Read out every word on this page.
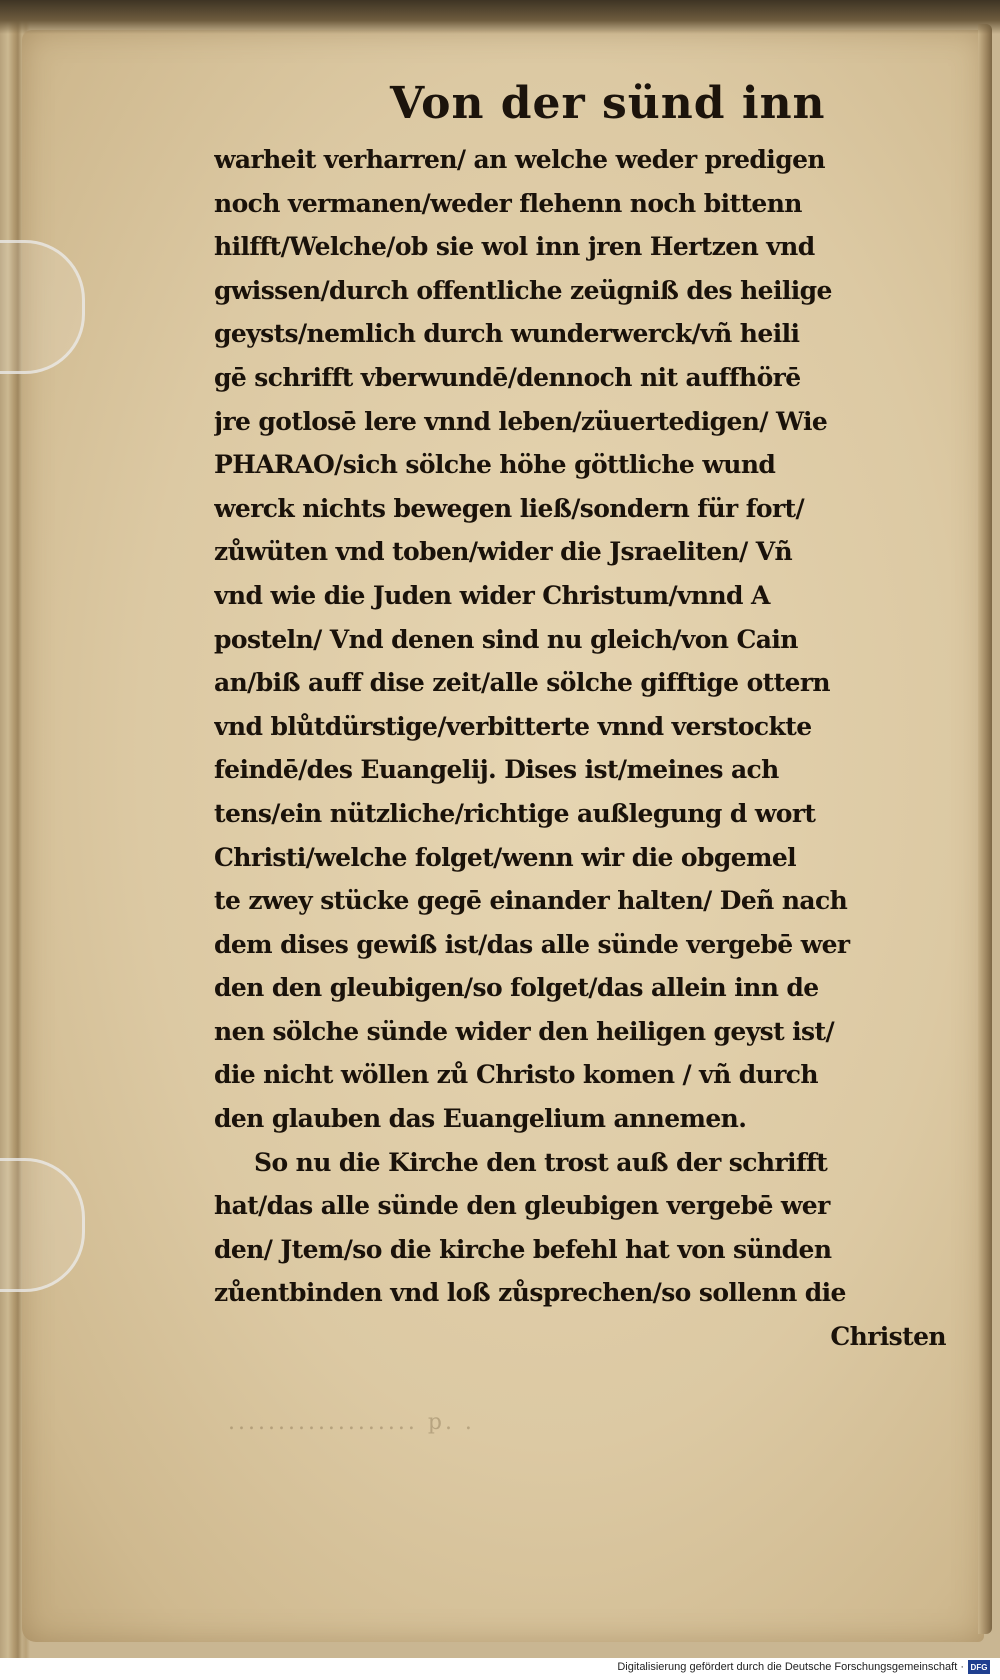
Von der sünd inn
warheit verharren/ an welche weder predigen
noch vermanen/weder flehenn noch bittenn
hilfft/Welche/ob sie wol inn jren Hertzen vnd
gwissen/durch offentliche zeügniß des heilige
geysts/nemlich durch wunderwerck/vñ heili
gē schrifft vberwundē/dennoch nit auffhörē
jre gotlosē lere vnnd leben/züuertedigen/ Wie
PHARAO/sich sölche höhe göttliche wund
werck nichts bewegen ließ/sondern für fort/
zůwüten vnd toben/wider die Jsraeliten/ Vñ
vnd wie die Juden wider Christum/vnnd A
posteln/ Vnd denen sind nu gleich/von Cain
an/biß auff dise zeit/alle sölche gifftige ottern
vnd blůtdürstige/verbitterte vnnd verstockte
feindē/des Euangelij. Dises ist/meines ach
tens/ein nützliche/richtige außlegung d wort
Christi/welche folget/wenn wir die obgemel
te zwey stücke gegē einander halten/ Deñ nach
dem dises gewiß ist/das alle sünde vergebē wer
den den gleubigen/so folget/das allein inn de
nen sölche sünde wider den heiligen geyst ist/
die nicht wöllen zů Christo komen / vñ durch
den glauben das Euangelium annemen.
So nu die Kirche den trost auß der schrifft
hat/das alle sünde den gleubigen vergebē wer
den/ Jtem/so die kirche befehl hat von sünden
zůentbinden vnd loß zůsprechen/so sollenn die
Christen
................... p. .
Digitalisierung gefördert durch die Deutsche Forschungsgemeinschaft · DFG
